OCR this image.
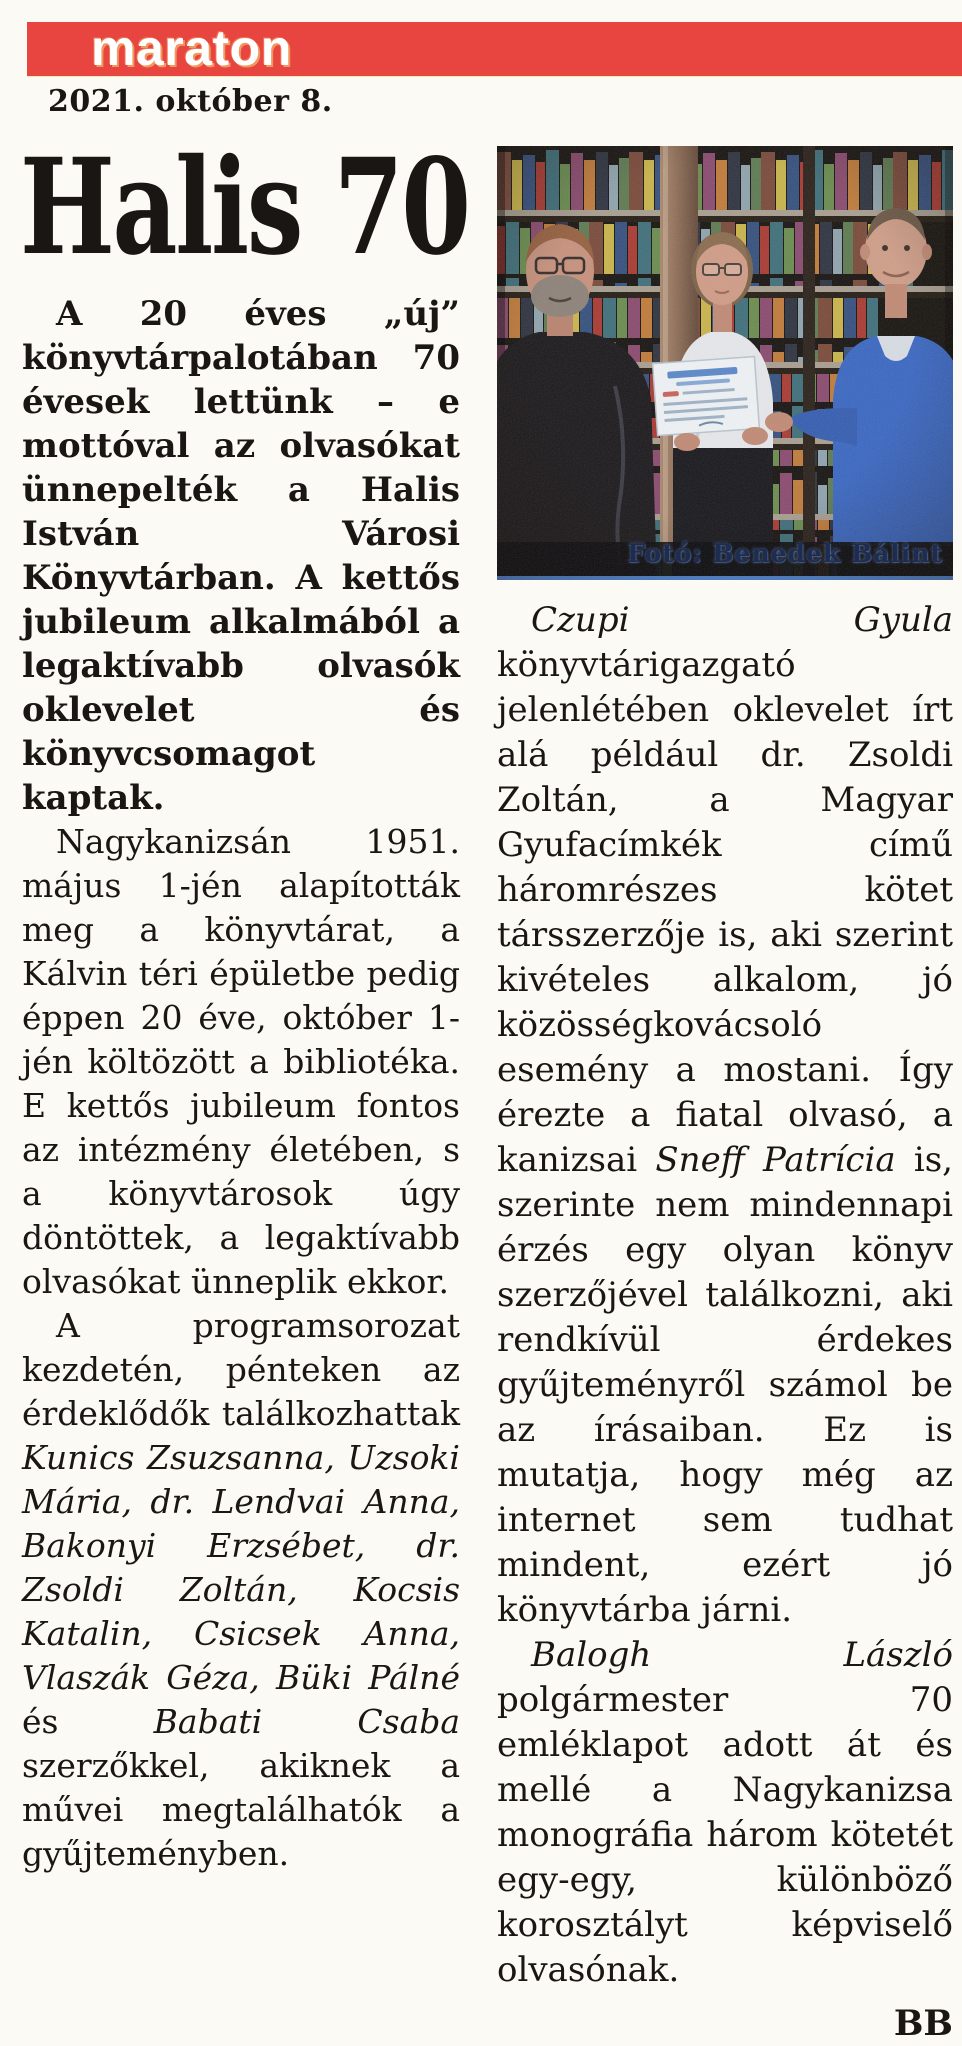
maraton
2021. október 8.
Halis 70

A 20 éves „új” könyvtárpalotában 70 évesek lettünk – e mottóval az olvasókat ünnepelték a Halis István Városi Könyvtárban. A kettős jubileum alkalmából a legaktívabb olvasók oklevelet és könyvcsomagot kaptak.

Nagykanizsán 1951. május 1-jén alapították meg a könyvtárat, a Kálvin téri épületbe pedig éppen 20 éve, október 1-jén költözött a bibliotéka. E kettős jubileum fontos az intézmény életében, s a könyvtárosok úgy döntöttek, a legaktívabb olvasókat ünneplik ekkor.

A programsorozat kezdetén, pénteken az érdeklődők találkozhattak Kunics Zsuzsanna, Uzsoki Mária, dr. Lendvai Anna, Bakonyi Erzsébet, dr. Zsoldi Zoltán, Kocsis Katalin, Csicsek Anna, Vlaszák Géza, Büki Pálné és Babati Csaba szerzőkkel, akiknek a művei megtalálhatók a gyűjteményben.

Fotó: Benedek Bálint

Czupi Gyula könyvtárigazgató jelenlétében oklevelet írt alá például dr. Zsoldi Zoltán, a Magyar Gyufacímkék című háromrészes kötet társszerzője is, aki szerint kivételes alkalom, jó közösségkovácsoló esemény a mostani. Így érezte a fiatal olvasó, a kanizsai Sneff Patrícia is, szerinte nem mindennapi érzés egy olyan könyv szerzőjével találkozni, aki rendkívül érdekes gyűjteményről számol be az írásaiban. Ez is mutatja, hogy még az internet sem tudhat mindent, ezért jó könyvtárba járni.

Balogh László polgármester 70 emléklapot adott át és mellé a Nagykanizsa monográfia három kötetét egy-egy, különböző korosztályt képviselő olvasónak.

BB
